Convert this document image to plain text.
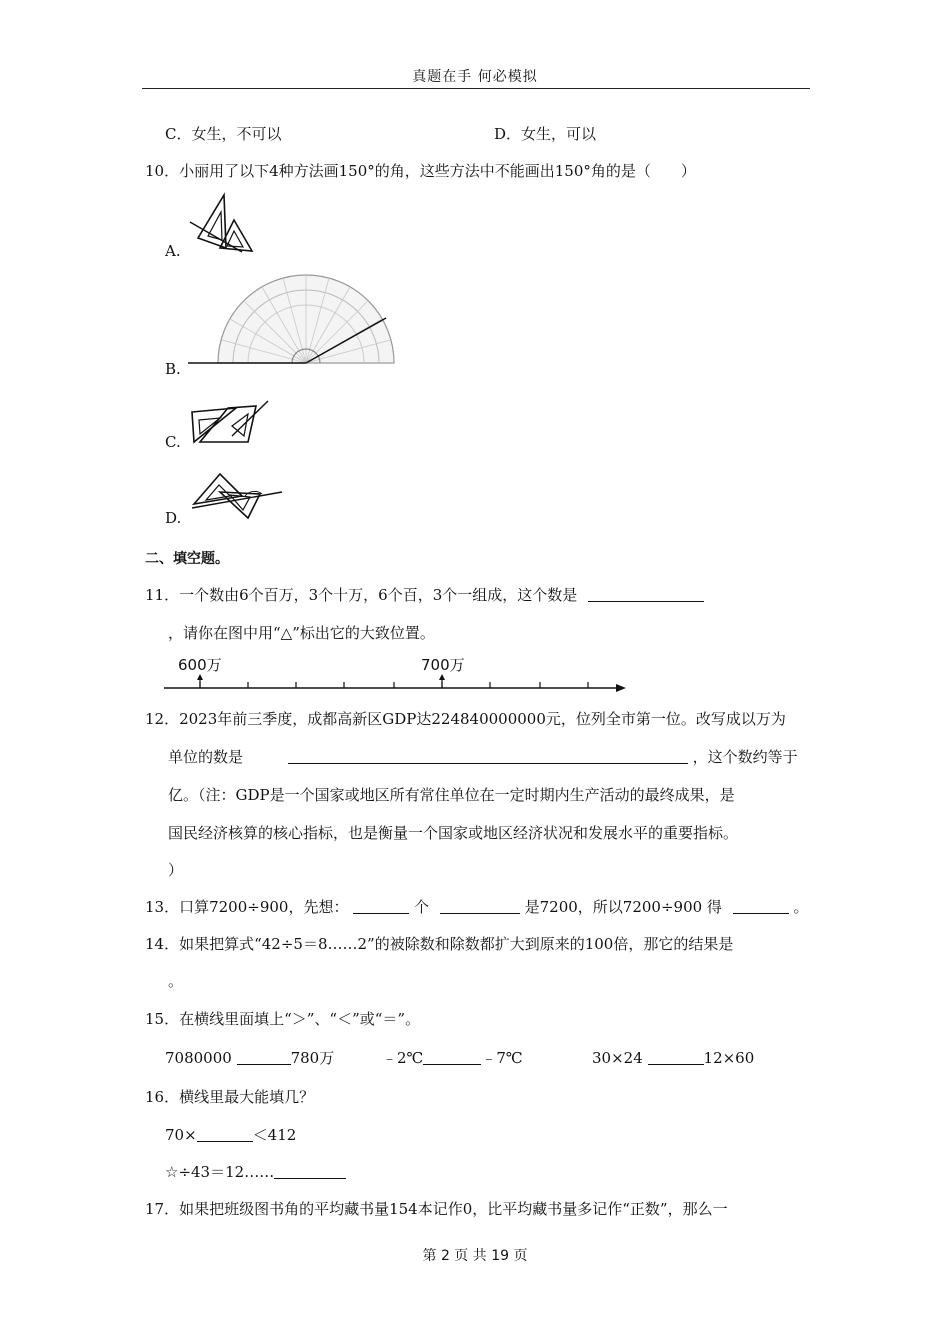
真题在手 何必模拟
C．女生，不可以	D．女生，可以
10．小丽用了以下4种方法画150°的角，这些方法中不能画出150°角的是（　　）
A.
B.
C.
D.
二、填空题。
11．一个数由6个百万，3个十万，6个百，3个一组成，这个数是
，请你在图中用“△”标出它的大致位置。
600万	700万
12．2023年前三季度，成都高新区GDP达224840000000元，位列全市第一位。改写成以万为
单位的数是	，这个数约等于
亿。（注：GDP是一个国家或地区所有常住单位在一定时期内生产活动的最终成果，是
国民经济核算的核心指标，也是衡量一个国家或地区经济状况和发展水平的重要指标。
）
13．口算7200÷900，先想：	个	是7200，所以7200÷900 得	。
14．如果把算式“42÷5＝8……2”的被除数和除数都扩大到原来的100倍，那它的结果是
。
15．在横线里面填上“＞”、“＜”或“＝”。
7080000	780万	﹣2℃	﹣7℃	30×24	12×60
16．横线里最大能填几？
70×	＜412
☆÷43＝12……
17．如果把班级图书角的平均藏书量154本记作0，比平均藏书量多记作“正数”，那么一
第 2 页 共 19 页
